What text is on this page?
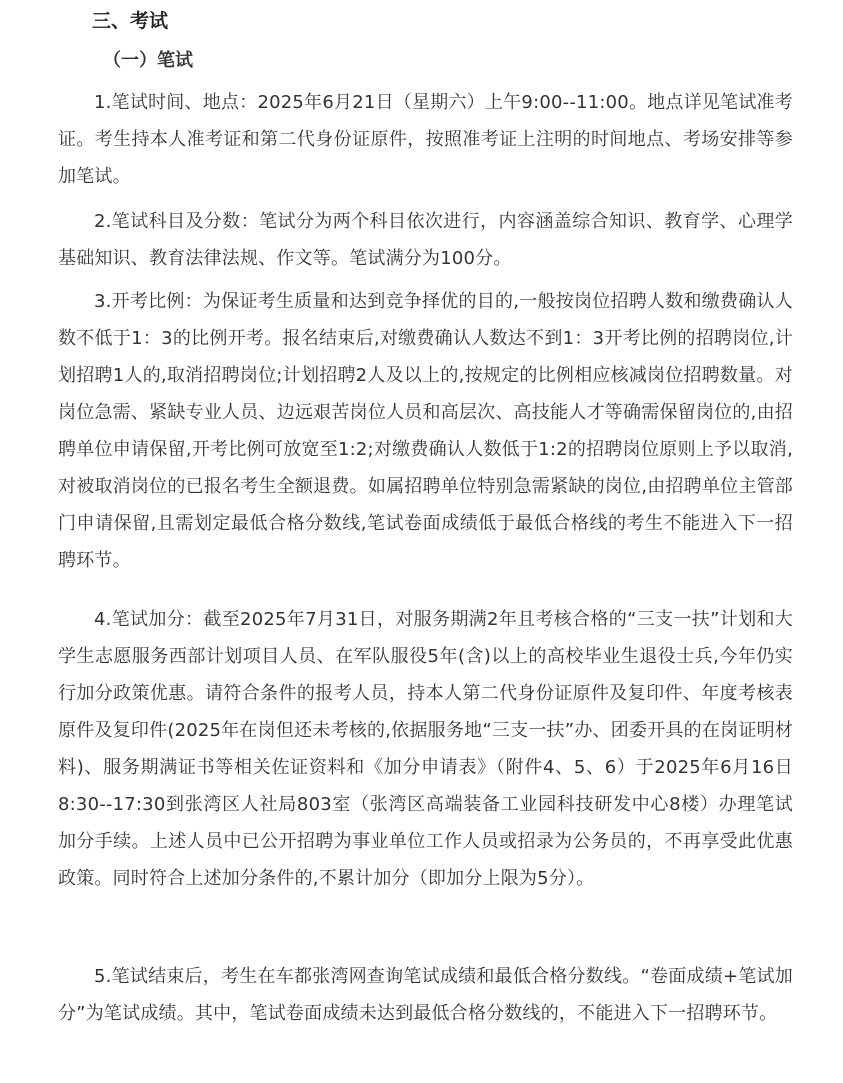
三、考试
（一）笔试

1.笔试时间、地点：2025年6月21日（星期六）上午9:00--11:00。地点详见笔试准考证。考生持本人准考证和第二代身份证原件，按照准考证上注明的时间地点、考场安排等参加笔试。

2.笔试科目及分数：笔试分为两个科目依次进行，内容涵盖综合知识、教育学、心理学基础知识、教育法律法规、作文等。笔试满分为100分。

3.开考比例：为保证考生质量和达到竞争择优的目的,一般按岗位招聘人数和缴费确认人数不低于1：3的比例开考。报名结束后,对缴费确认人数达不到1：3开考比例的招聘岗位,计划招聘1人的,取消招聘岗位;计划招聘2人及以上的,按规定的比例相应核减岗位招聘数量。对岗位急需、紧缺专业人员、边远艰苦岗位人员和高层次、高技能人才等确需保留岗位的,由招聘单位申请保留,开考比例可放宽至1:2;对缴费确认人数低于1:2的招聘岗位原则上予以取消,对被取消岗位的已报名考生全额退费。如属招聘单位特别急需紧缺的岗位,由招聘单位主管部门申请保留,且需划定最低合格分数线,笔试卷面成绩低于最低合格线的考生不能进入下一招聘环节。

4.笔试加分：截至2025年7月31日，对服务期满2年且考核合格的“三支一扶”计划和大学生志愿服务西部计划项目人员、在军队服役5年(含)以上的高校毕业生退役士兵,今年仍实行加分政策优惠。请符合条件的报考人员，持本人第二代身份证原件及复印件、年度考核表原件及复印件(2025年在岗但还未考核的,依据服务地“三支一扶”办、团委开具的在岗证明材料)、服务期满证书等相关佐证资料和《加分申请表》（附件4、5、6）于2025年6月16日8:30--17:30到张湾区人社局803室（张湾区高端装备工业园科技研发中心8楼）办理笔试加分手续。上述人员中已公开招聘为事业单位工作人员或招录为公务员的，不再享受此优惠政策。同时符合上述加分条件的,不累计加分（即加分上限为5分）。

5.笔试结束后，考生在车都张湾网查询笔试成绩和最低合格分数线。“卷面成绩+笔试加分”为笔试成绩。其中，笔试卷面成绩未达到最低合格分数线的，不能进入下一招聘环节。
